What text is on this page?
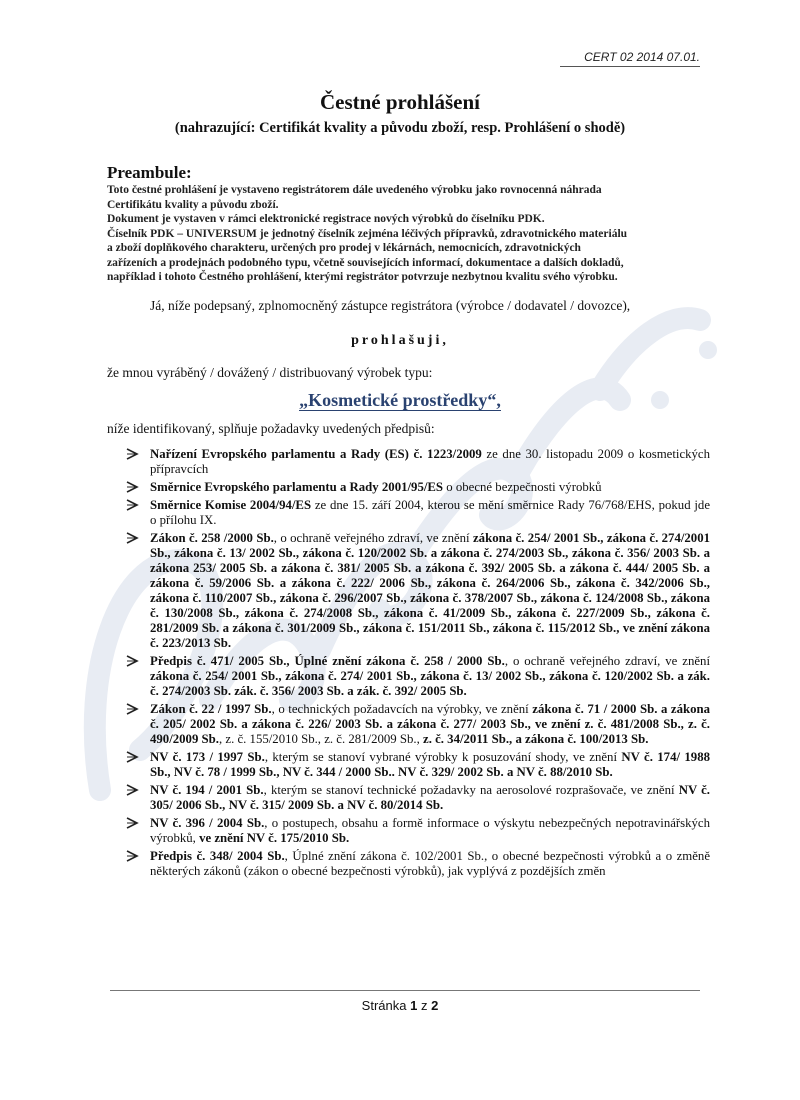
CERT 02 2014 07.01.
Čestné prohlášení
(nahrazující: Certifikát kvality a původu zboží, resp. Prohlášení o shodě)
Preambule:

Toto čestné prohlášení je vystaveno registrátorem dále uvedeného výrobku jako rovnocenná náhrada

Certifikátu kvality a původu zboží.

Dokument je vystaven v rámci elektronické registrace nových výrobků do číselníku PDK.

Číselník PDK – UNIVERSUM je jednotný číselník zejména léčivých přípravků, zdravotnického materiálu

a zboží doplňkového charakteru, určených pro prodej v lékárnách, nemocnicích, zdravotnických

zařízeních a prodejnách podobného typu, včetně souvisejících informací, dokumentace a dalších dokladů,

například i tohoto Čestného prohlášení, kterými registrátor potvrzuje nezbytnou kvalitu svého výrobku.

Já, níže podepsaný, zplnomocněný zástupce registrátora (výrobce / dodavatel / dovozce),
prohlašuji,
že mnou vyráběný / dovážený / distribuovaný výrobek typu:
„Kosmetické prostředky“,
níže identifikovaný, splňuje požadavky uvedených předpisů:
Nařízení Evropského parlamentu a Rady (ES) č. 1223/2009 ze dne 30. listopadu 2009 o kosmetických přípravcích
Směrnice Evropského parlamentu a Rady 2001/95/ES o obecné bezpečnosti výrobků
Směrnice Komise 2004/94/ES ze dne 15. září 2004, kterou se mění směrnice Rady 76/768/EHS, pokud jde o přílohu IX.
Zákon č. 258 /2000 Sb., o ochraně veřejného zdraví, ve znění zákona č. 254/ 2001 Sb., zákona č. 274/2001 Sb., zákona č. 13/ 2002 Sb., zákona č. 120/2002 Sb. a zákona č. 274/2003 Sb., zákona č. 356/ 2003 Sb. a zákona 253/ 2005 Sb. a zákona č. 381/ 2005 Sb. a zákona č. 392/ 2005 Sb. a zákona č. 444/ 2005 Sb. a zákona č. 59/2006 Sb. a zákona č. 222/ 2006 Sb., zákona č. 264/2006 Sb., zákona č. 342/2006 Sb., zákona č. 110/2007 Sb., zákona č. 296/2007 Sb., zákona č. 378/2007 Sb., zákona č. 124/2008 Sb., zákona č. 130/2008 Sb., zákona č. 274/2008 Sb., zákona č. 41/2009 Sb., zákona č. 227/2009 Sb., zákona č. 281/2009 Sb. a zákona č. 301/2009 Sb., zákona č. 151/2011 Sb., zákona č. 115/2012 Sb., ve znění zákona č. 223/2013 Sb.
Předpis č. 471/ 2005 Sb., Úplné znění zákona č. 258 / 2000 Sb., o ochraně veřejného zdraví, ve znění zákona č. 254/ 2001 Sb., zákona č. 274/ 2001 Sb., zákona č. 13/ 2002 Sb., zákona č. 120/2002 Sb. a zák. č. 274/2003 Sb. zák. č. 356/ 2003 Sb. a zák. č. 392/ 2005 Sb.
Zákon č. 22 / 1997 Sb., o technických požadavcích na výrobky, ve znění zákona č. 71 / 2000 Sb. a zákona č. 205/ 2002 Sb. a zákona č. 226/ 2003 Sb. a zákona č. 277/ 2003 Sb., ve znění z. č. 481/2008 Sb., z. č. 490/2009 Sb., z. č. 155/2010 Sb., z. č. 281/2009 Sb., z. č. 34/2011 Sb., a zákona č. 100/2013 Sb.
NV č. 173 / 1997 Sb., kterým se stanoví vybrané výrobky k posuzování shody, ve znění NV č. 174/ 1988 Sb., NV č. 78 / 1999 Sb., NV č. 344 / 2000 Sb.. NV č. 329/ 2002 Sb. a NV č. 88/2010 Sb.
NV č. 194 / 2001 Sb., kterým se stanoví technické požadavky na aerosolové rozprašovače, ve znění NV č. 305/ 2006 Sb., NV č. 315/ 2009 Sb. a NV č. 80/2014 Sb.
NV č. 396 / 2004 Sb., o postupech, obsahu a formě informace o výskytu nebezpečných nepotravinářských výrobků, ve znění NV č. 175/2010 Sb.
Předpis č. 348/ 2004 Sb., Úplné znění zákona č. 102/2001 Sb., o obecné bezpečnosti výrobků a o změně některých zákonů (zákon o obecné bezpečnosti výrobků), jak vyplývá z pozdějších změn
Stránka 1 z 2
